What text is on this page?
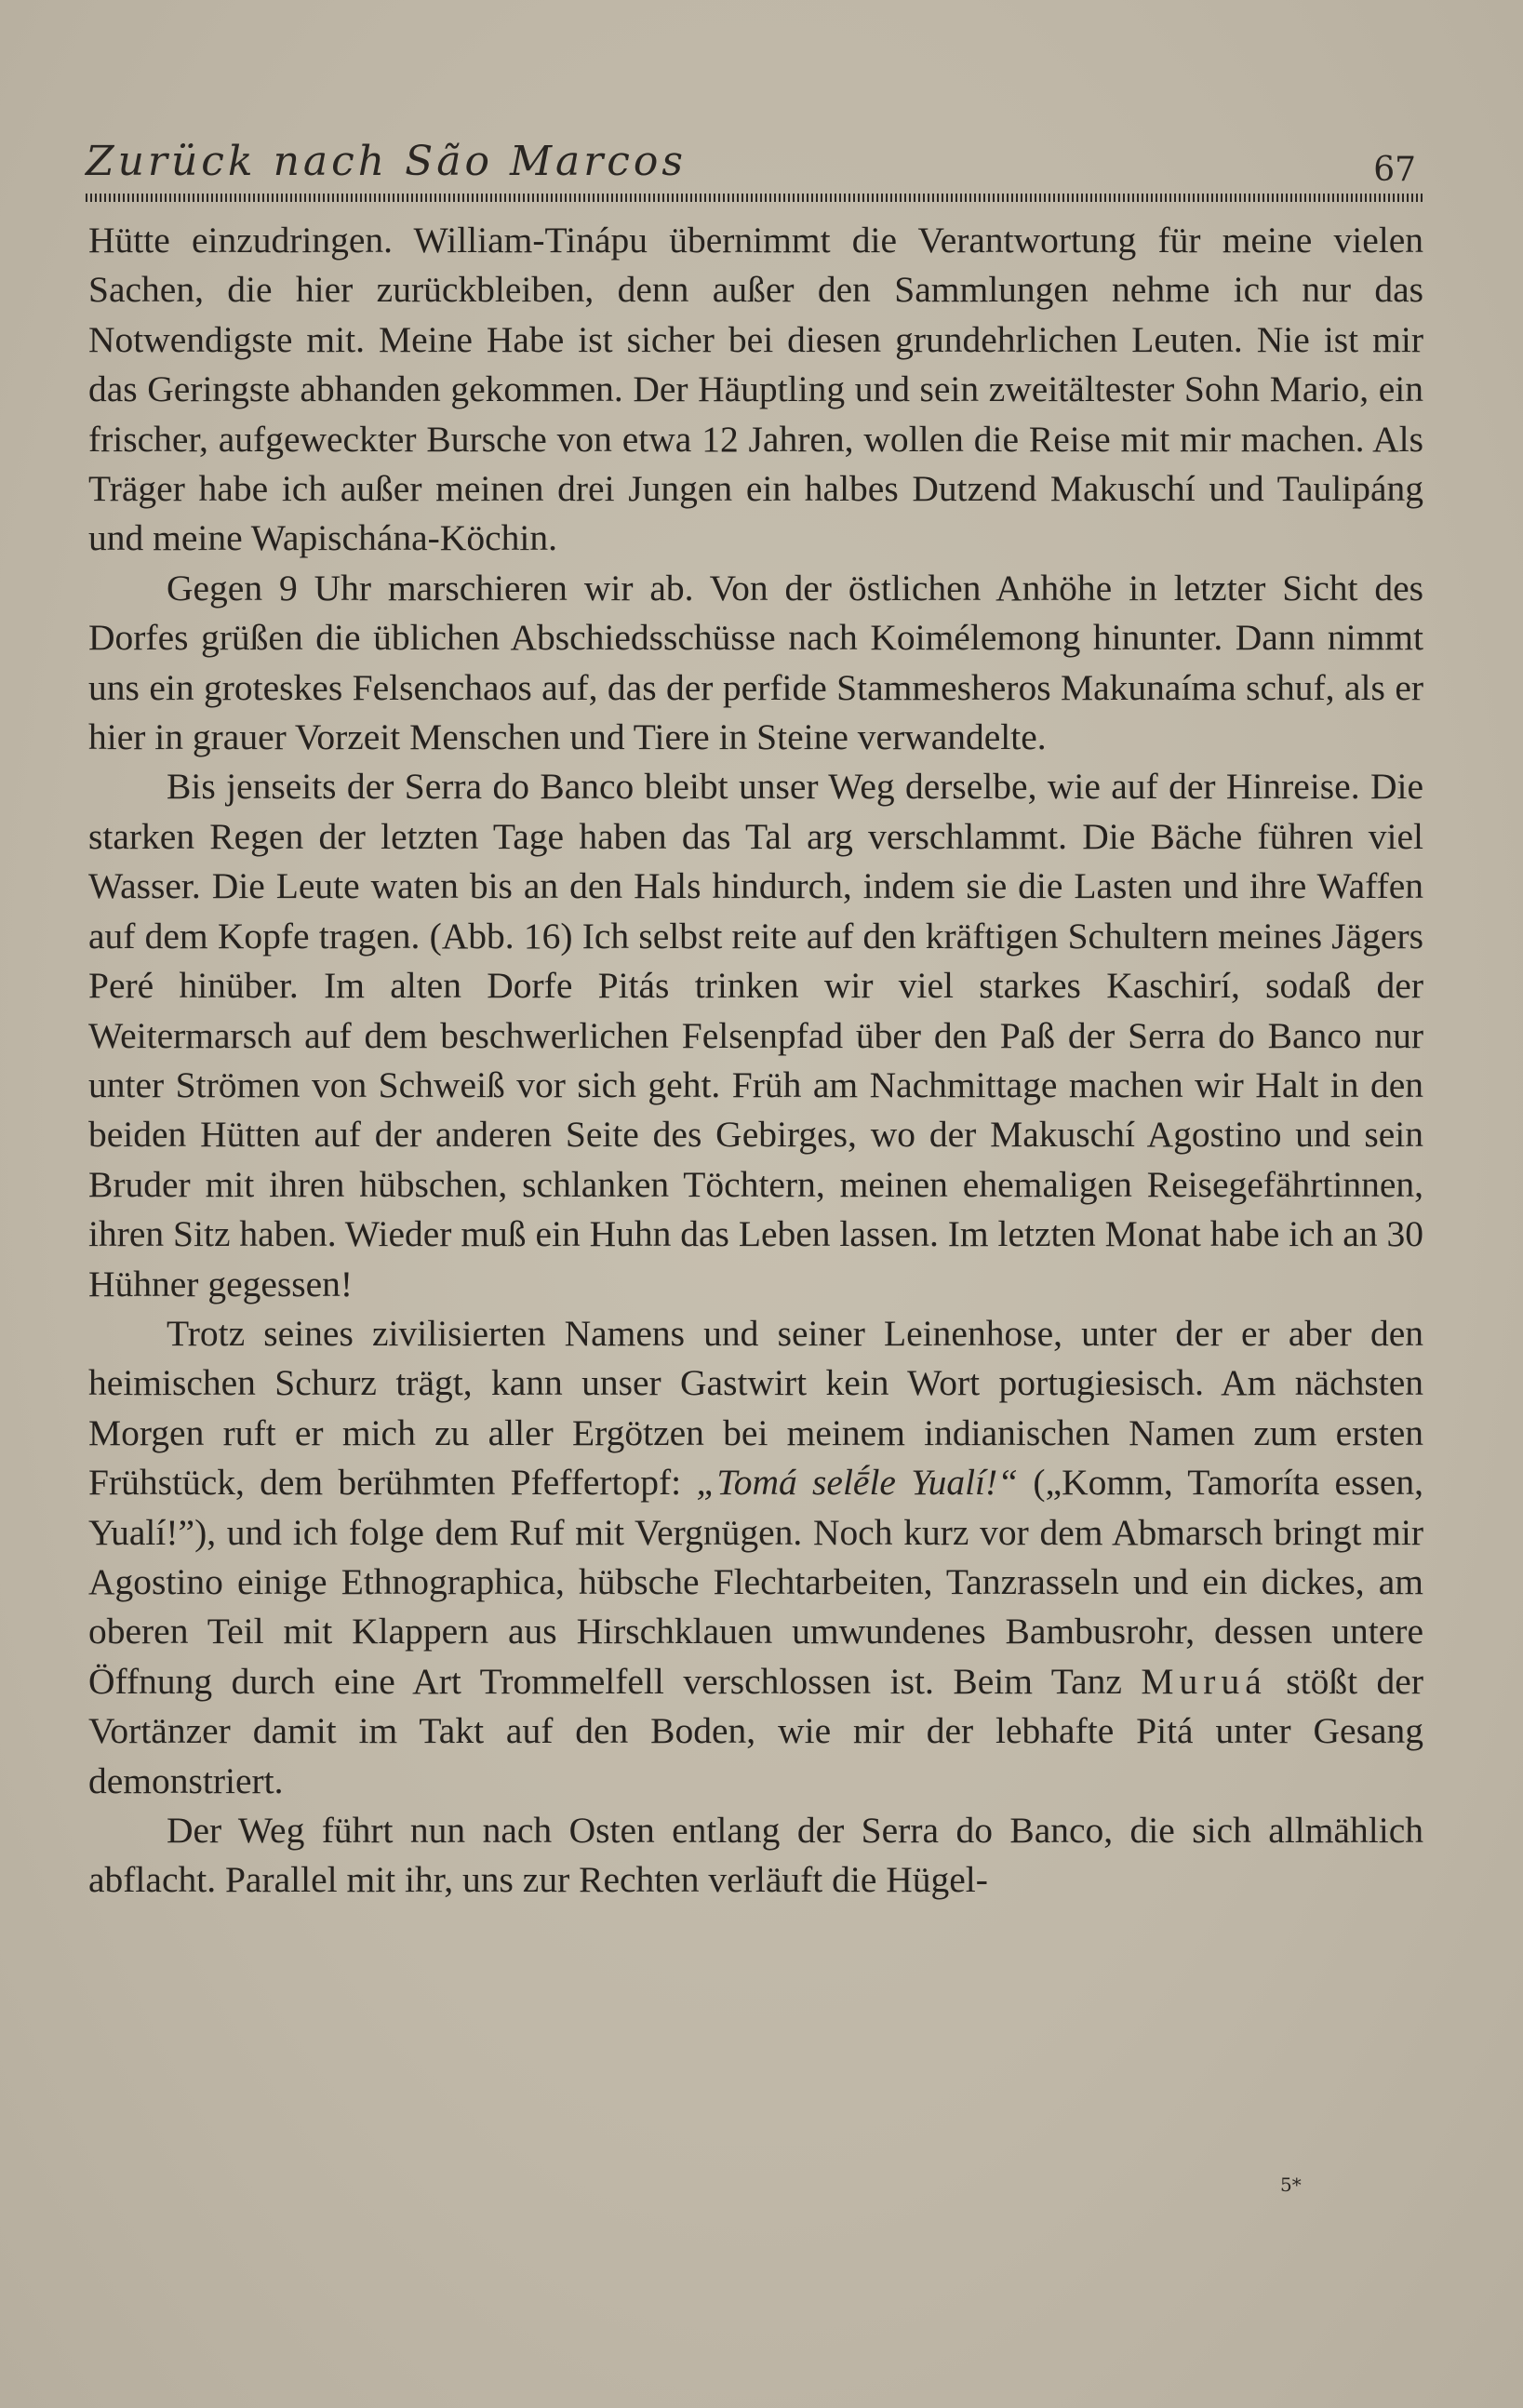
Zurück nach São Marcos	67

Hütte einzudringen. William-Tinápu übernimmt die Verantwortung für meine vielen Sachen, die hier zurückbleiben, denn außer den Sammlungen nehme ich nur das Notwendigste mit. Meine Habe ist sicher bei diesen grundehrlichen Leuten. Nie ist mir das Geringste abhanden gekommen. Der Häuptling und sein zweitältester Sohn Mario, ein frischer, aufgeweckter Bursche von etwa 12 Jahren, wollen die Reise mit mir machen. Als Träger habe ich außer meinen drei Jungen ein halbes Dutzend Makuschí und Taulipáng und meine Wapischána-Köchin.

Gegen 9 Uhr marschieren wir ab. Von der östlichen Anhöhe in letzter Sicht des Dorfes grüßen die üblichen Abschiedsschüsse nach Koimélemong hinunter. Dann nimmt uns ein groteskes Felsenchaos auf, das der perfide Stammesheros Makunaíma schuf, als er hier in grauer Vorzeit Menschen und Tiere in Steine verwandelte.

Bis jenseits der Serra do Banco bleibt unser Weg derselbe, wie auf der Hinreise. Die starken Regen der letzten Tage haben das Tal arg verschlammt. Die Bäche führen viel Wasser. Die Leute waten bis an den Hals hindurch, indem sie die Lasten und ihre Waffen auf dem Kopfe tragen. (Abb. 16) Ich selbst reite auf den kräftigen Schultern meines Jägers Peré hinüber. Im alten Dorfe Pitás trinken wir viel starkes Kaschirí, sodaß der Weitermarsch auf dem beschwerlichen Felsenpfad über den Paß der Serra do Banco nur unter Strömen von Schweiß vor sich geht. Früh am Nachmittage machen wir Halt in den beiden Hütten auf der anderen Seite des Gebirges, wo der Makuschí Agostino und sein Bruder mit ihren hübschen, schlanken Töchtern, meinen ehemaligen Reisegefährtinnen, ihren Sitz haben. Wieder muß ein Huhn das Leben lassen. Im letzten Monat habe ich an 30 Hühner gegessen!

Trotz seines zivilisierten Namens und seiner Leinenhose, unter der er aber den heimischen Schurz trägt, kann unser Gastwirt kein Wort portugiesisch. Am nächsten Morgen ruft er mich zu aller Ergötzen bei meinem indianischen Namen zum ersten Frühstück, dem berühmten Pfeffertopf: „Tomá selḗle Yualí!“ („Komm, Tamoríta essen, Yualí!”), und ich folge dem Ruf mit Vergnügen. Noch kurz vor dem Abmarsch bringt mir Agostino einige Ethnographica, hübsche Flechtarbeiten, Tanzrasseln und ein dickes, am oberen Teil mit Klappern aus Hirschklauen umwundenes Bambusrohr, dessen untere Öffnung durch eine Art Trommelfell verschlossen ist. Beim Tanz Muruá stößt der Vortänzer damit im Takt auf den Boden, wie mir der lebhafte Pitá unter Gesang demonstriert.

Der Weg führt nun nach Osten entlang der Serra do Banco, die sich allmählich abflacht. Parallel mit ihr, uns zur Rechten verläuft die Hügel-

5*
